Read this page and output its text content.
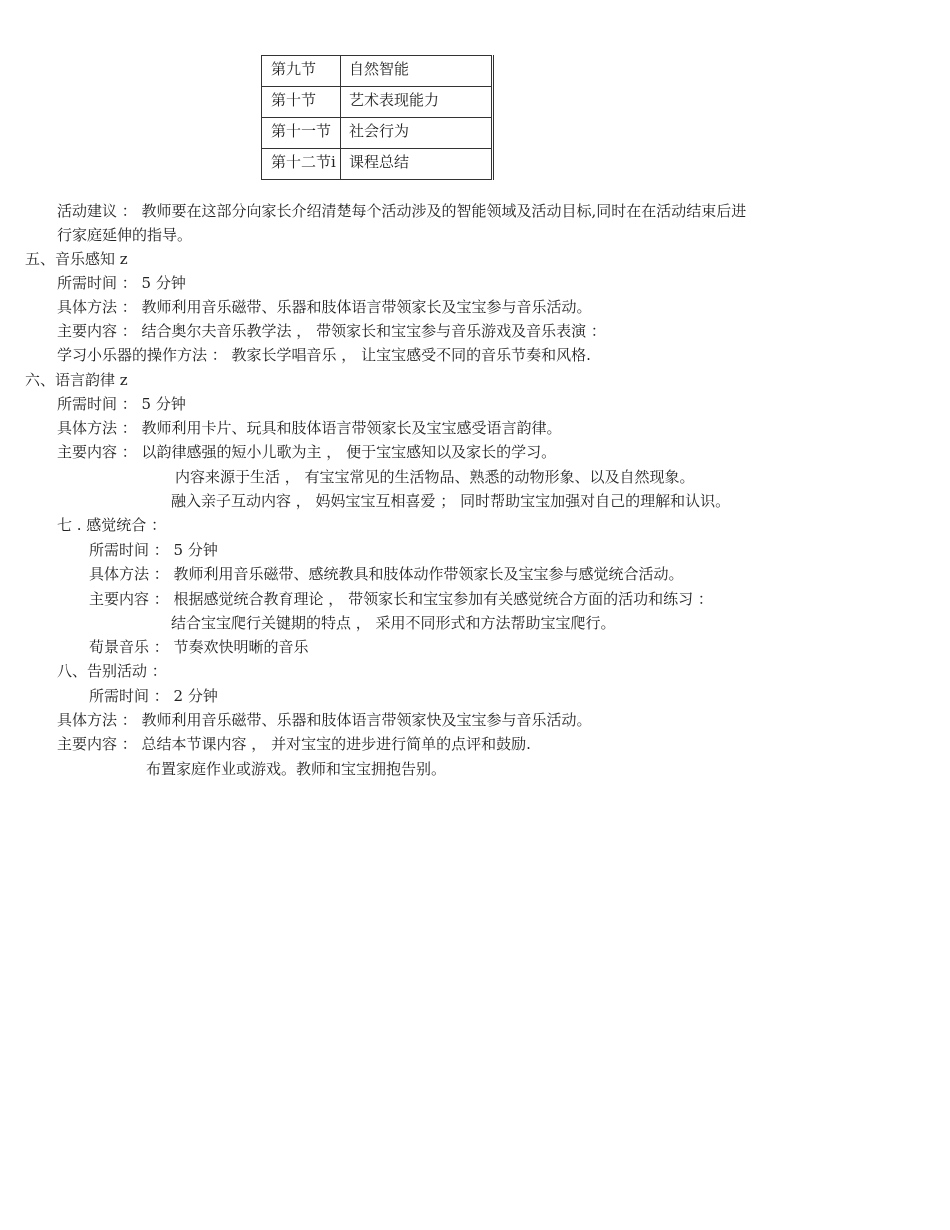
第九节	自然智能
第十节	艺术表现能力
第十一节	社会行为
第十二节i	课程总结
活动建议 ： 教师要在这部分向家长介绍清楚每个活动涉及的智能领域及活动目标,同时在在活动结束后进
行家庭延伸的指导。
五、音乐感知 z
所需时间 ： 5 分钟
具体方法 ： 教师利用音乐磁带、乐器和肢体语言带领家长及宝宝参与音乐活动。
主要内容 ： 结合奥尔夫音乐教学法 ， 带领家长和宝宝参与音乐游戏及音乐表演 ：
学习小乐器的操作方法 ： 教家长学唱音乐 ， 让宝宝感受不同的音乐节奏和风格.
六、语言韵律 z
所需时间 ： 5 分钟
具体方法 ： 教师利用卡片、玩具和肢体语言带领家长及宝宝感受语言韵律。
主要内容 ： 以韵律感强的短小儿歌为主 ， 便于宝宝感知以及家长的学习。
内容来源于生活 ， 有宝宝常见的生活物品、熟悉的动物形象、以及自然现象。
融入亲子互动内容 ， 妈妈宝宝互相喜爱 ； 同时帮助宝宝加强对自己的理解和认识。
七 . 感觉统合 ：
所需时间 ： 5 分钟
具体方法 ： 教师利用音乐磁带、感统教具和肢体动作带领家长及宝宝参与感觉统合活动。
主要内容 ： 根据感觉统合教育理论 ， 带领家长和宝宝参加有关感觉统合方面的活功和练习 ：
结合宝宝爬行关键期的特点 ， 采用不同形式和方法帮助宝宝爬行。
荀景音乐 ： 节奏欢快明晰的音乐
八、告别活动 ：
所需时间 ： 2 分钟
具体方法 ： 教师利用音乐磁带、乐器和肢体语言带领家快及宝宝参与音乐活动。
主要内容 ： 总结本节课内容 ， 并对宝宝的进步进行简单的点评和鼓励.
布置家庭作业或游戏。教师和宝宝拥抱告别。
